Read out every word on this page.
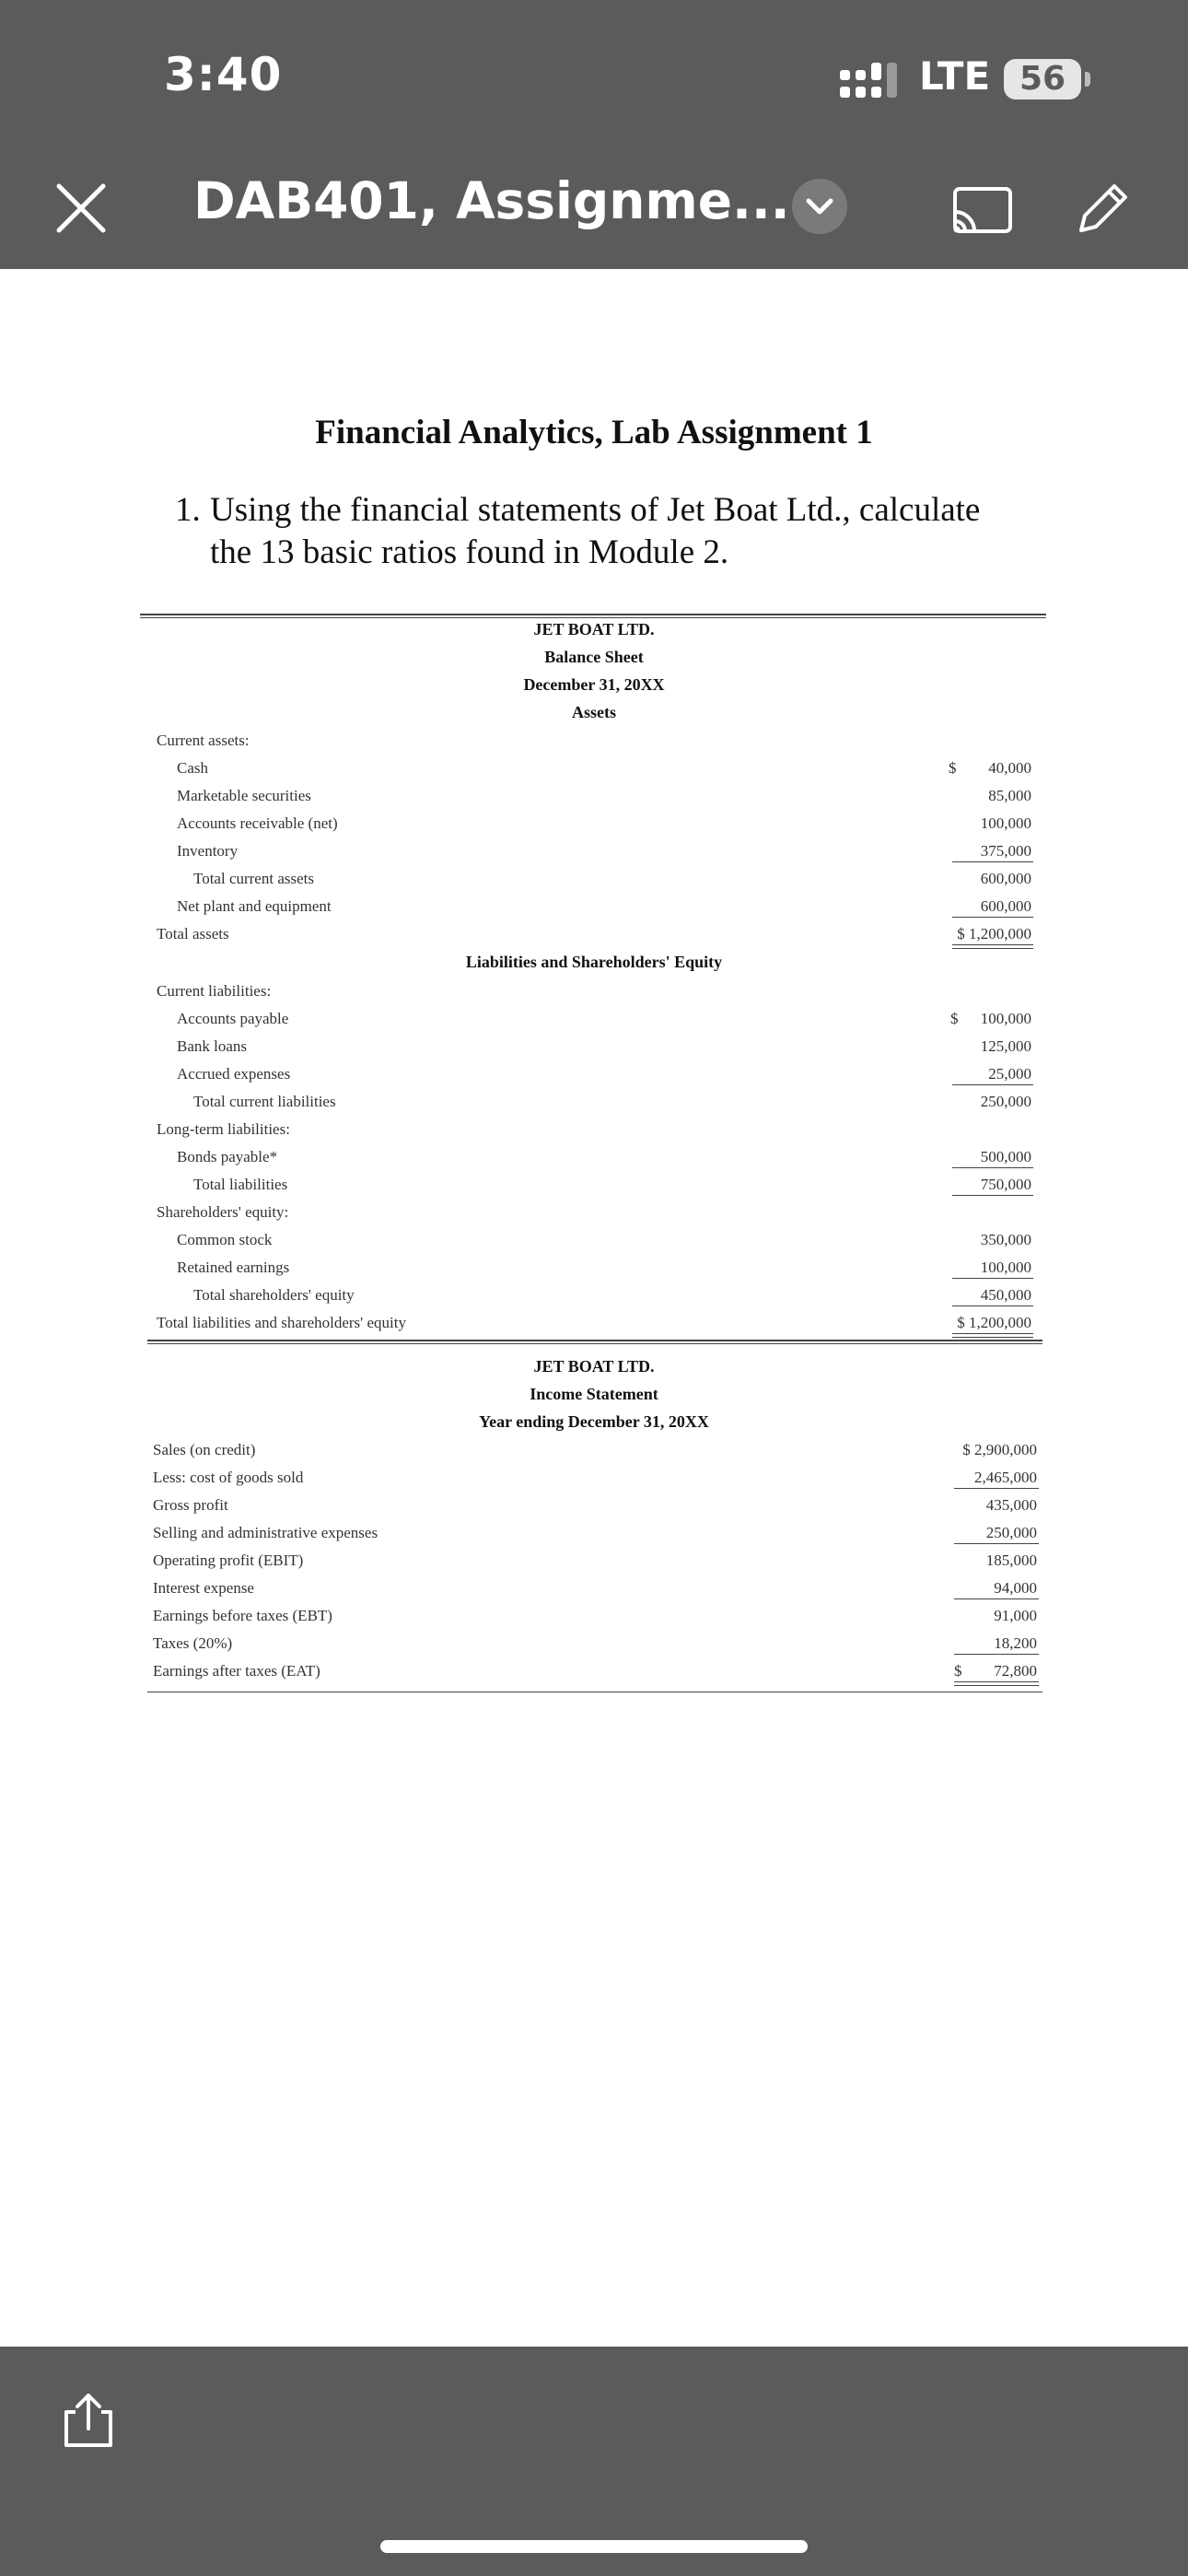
3:40	LTE 56
DAB401, Assignme...
Financial Analytics, Lab Assignment 1
1. Using the financial statements of Jet Boat Ltd., calculate
the 13 basic ratios found in Module 2.
JET BOAT LTD.
Balance Sheet
December 31, 20XX
Assets
Current assets:
Cash	$ 40,000
Marketable securities	85,000
Accounts receivable (net)	100,000
Inventory	375,000
Total current assets	600,000
Net plant and equipment	600,000
Total assets	$ 1,200,000
Liabilities and Shareholders' Equity
Current liabilities:
Accounts payable	$ 100,000
Bank loans	125,000
Accrued expenses	25,000
Total current liabilities	250,000
Long-term liabilities:
Bonds payable*	500,000
Total liabilities	750,000
Shareholders' equity:
Common stock	350,000
Retained earnings	100,000
Total shareholders' equity	450,000
Total liabilities and shareholders' equity	$ 1,200,000
JET BOAT LTD.
Income Statement
Year ending December 31, 20XX
Sales (on credit)	$ 2,900,000
Less: cost of goods sold	2,465,000
Gross profit	435,000
Selling and administrative expenses	250,000
Operating profit (EBIT)	185,000
Interest expense	94,000
Earnings before taxes (EBT)	91,000
Taxes (20%)	18,200
Earnings after taxes (EAT)	$ 72,800
